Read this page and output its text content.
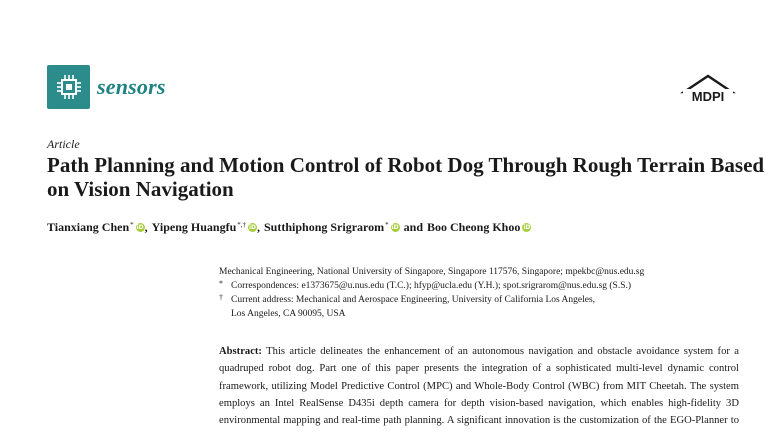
sensors	MDPI
Article
Path Planning and Motion Control of Robot Dog Through Rough Terrain Based on Vision Navigation
Tianxiang Chen* iD , Yipeng Huangfu*,† iD , Sutthiphong Srigrarom* iD and Boo Cheong Khoo iD
Mechanical Engineering, National University of Singapore, Singapore 117576, Singapore; mpekbc@nus.edu.sg
* Correspondences: e1373675@u.nus.edu (T.C.); hfyp@ucla.edu (Y.H.); spot.srigrarom@nus.edu.sg (S.S.)
† Current address: Mechanical and Aerospace Engineering, University of California Los Angeles,
Los Angeles, CA 90095, USA

Abstract: This article delineates the enhancement of an autonomous navigation and obstacle avoidance system for a quadruped robot dog. Part one of this paper presents the integration of a sophisticated multi-level dynamic control framework, utilizing Model Predictive Control (MPC) and Whole-Body Control (WBC) from MIT Cheetah. The system employs an Intel RealSense D435i depth camera for depth vision-based navigation, which enables high-fidelity 3D environmental mapping and real-time path planning. A significant innovation is the customization of the EGO-Planner to
